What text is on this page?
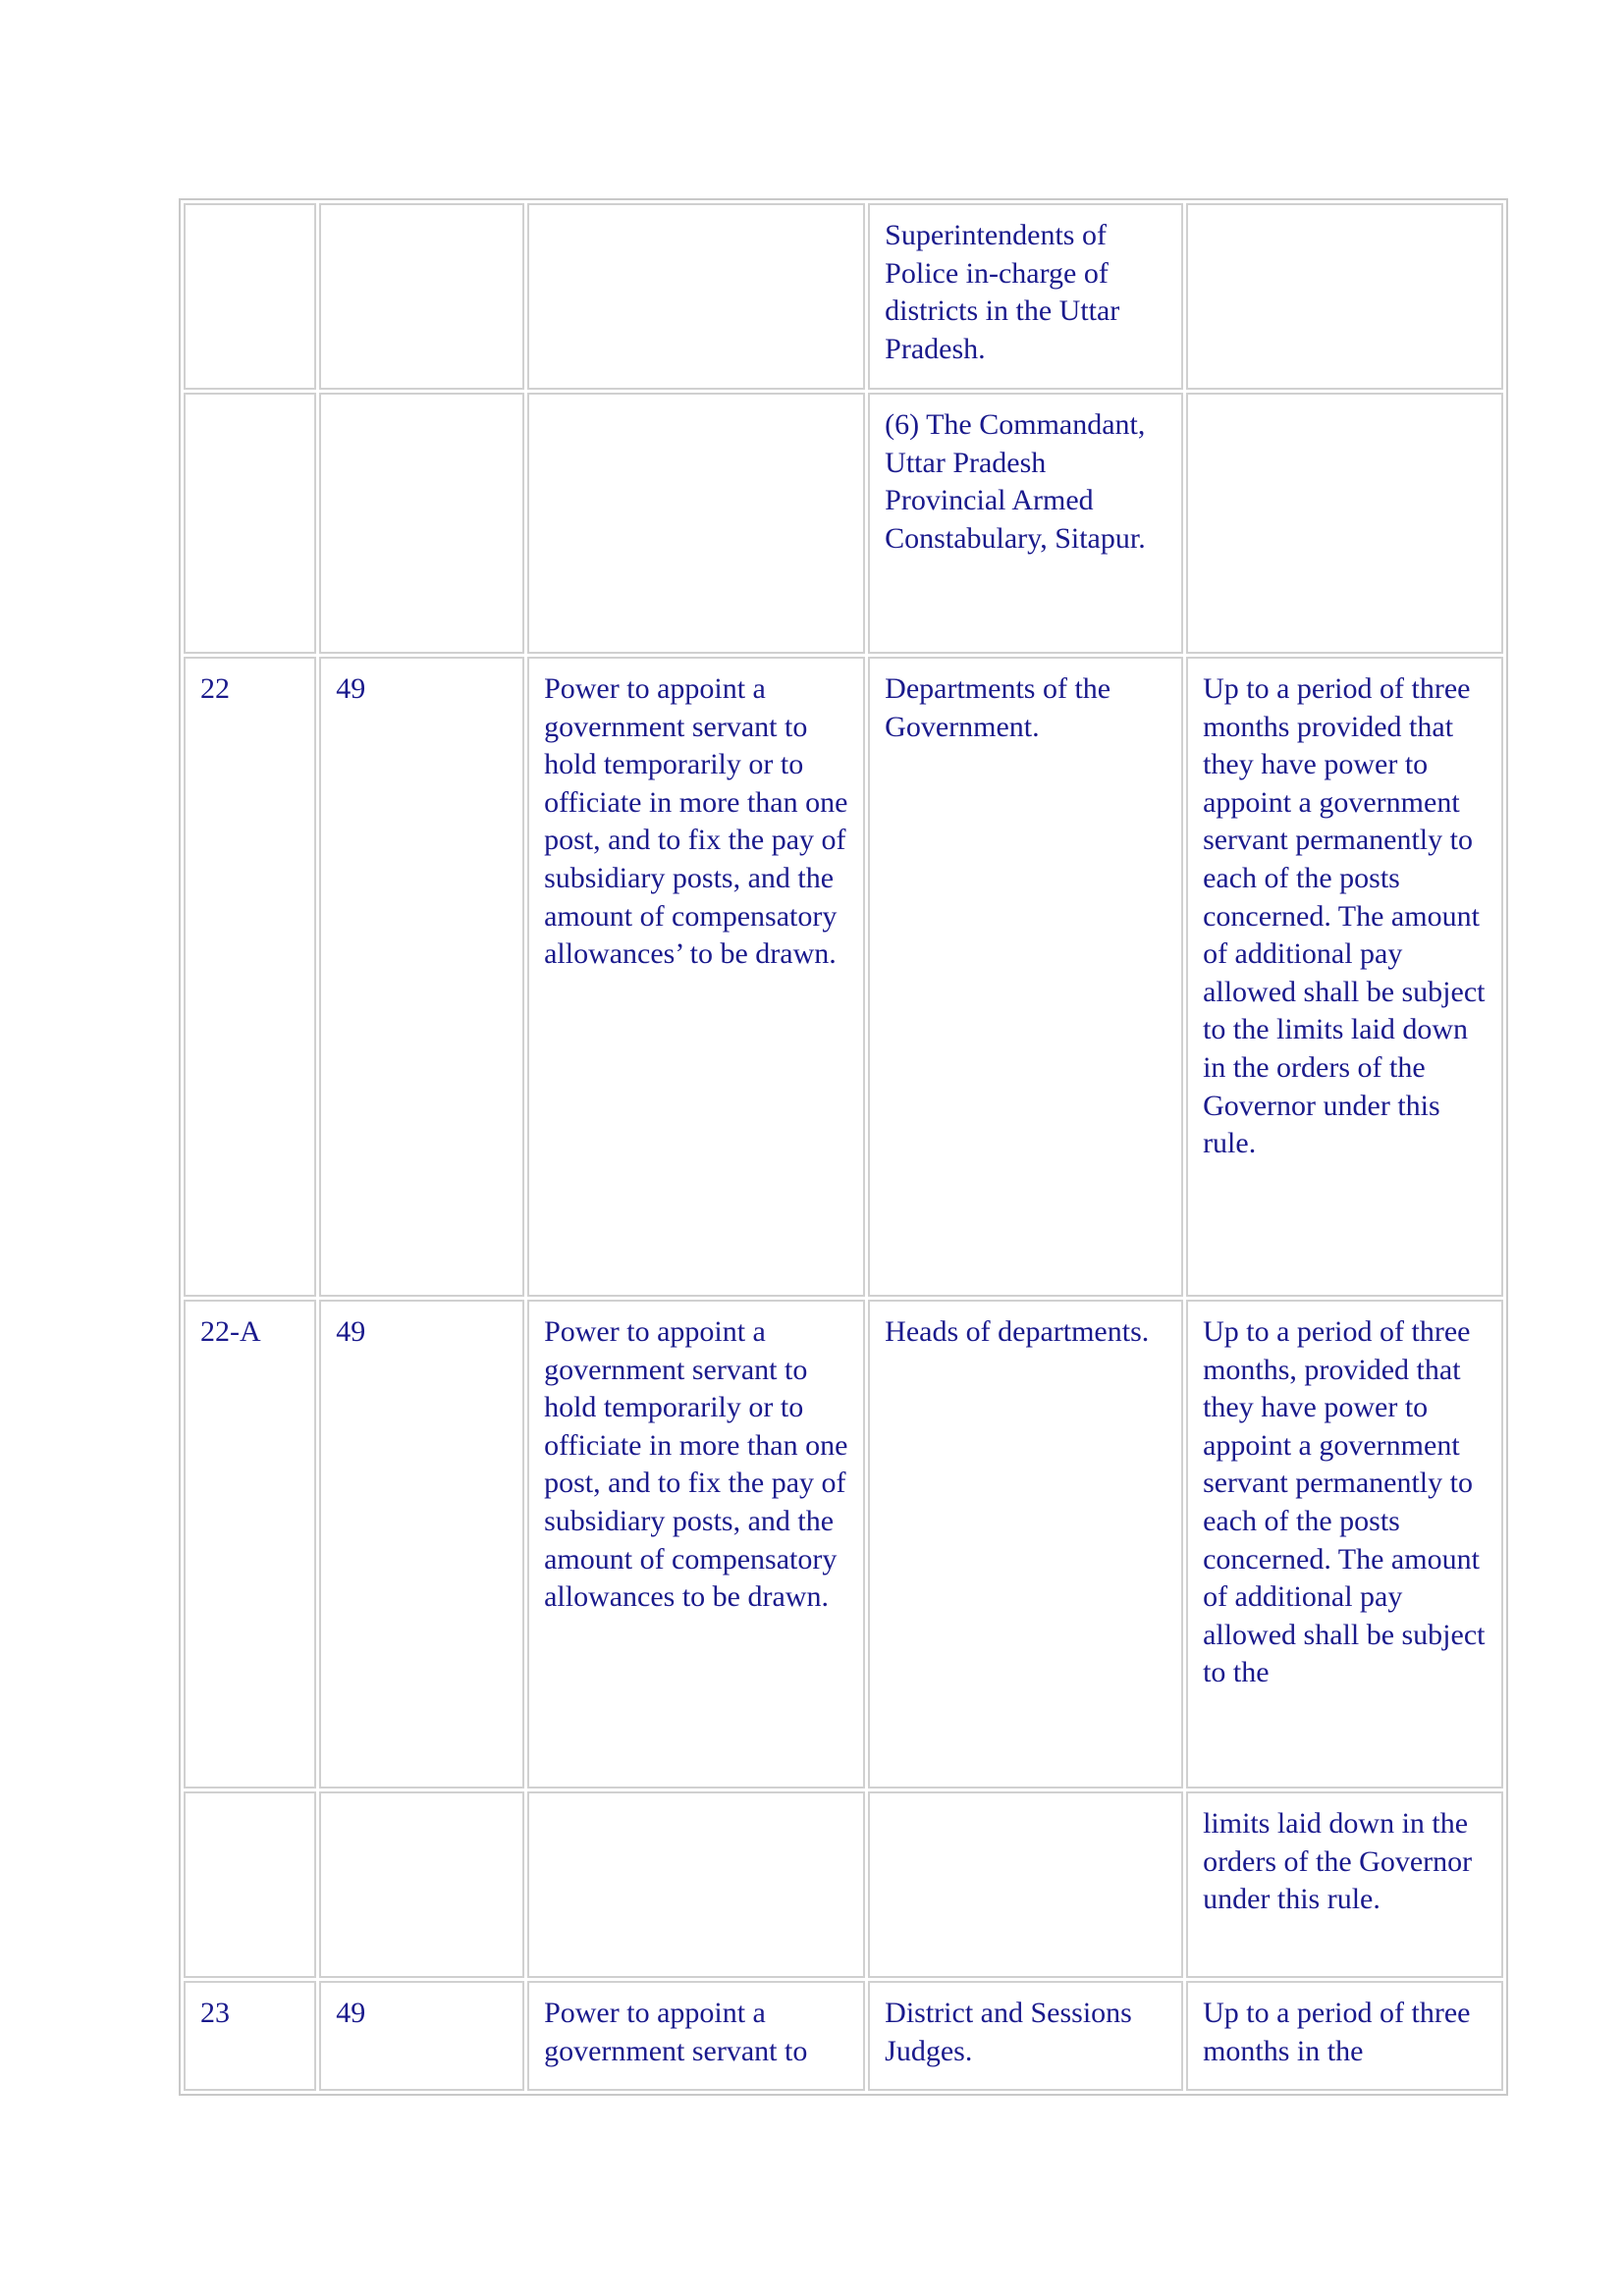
			Superintendents of Police in-charge of districts in the Uttar Pradesh.	
			(6) The Commandant, Uttar Pradesh Provincial Armed Constabulary, Sitapur.	
22	49	Power to appoint a government servant to hold temporarily or to officiate in more than one post, and to fix the pay of subsidiary posts, and the amount of compensatory allowances’ to be drawn.	Departments of the Government.	Up to a period of three months provided that they have power to appoint a government servant permanently to each of the posts concerned. The amount of additional pay allowed shall be subject to the limits laid down in the orders of the Governor under this rule.
22-A	49	Power to appoint a government servant to hold temporarily or to officiate in more than one post, and to fix the pay of subsidiary posts, and the amount of compensatory allowances to be drawn.	Heads of departments.	Up to a period of three months, provided that they have power to appoint a government servant permanently to each of the posts concerned. The amount of additional pay allowed shall be subject to the
				limits laid down in the orders of the Governor under this rule.
23	49	Power to appoint a government servant to	District and Sessions Judges.	Up to a period of three months in the
